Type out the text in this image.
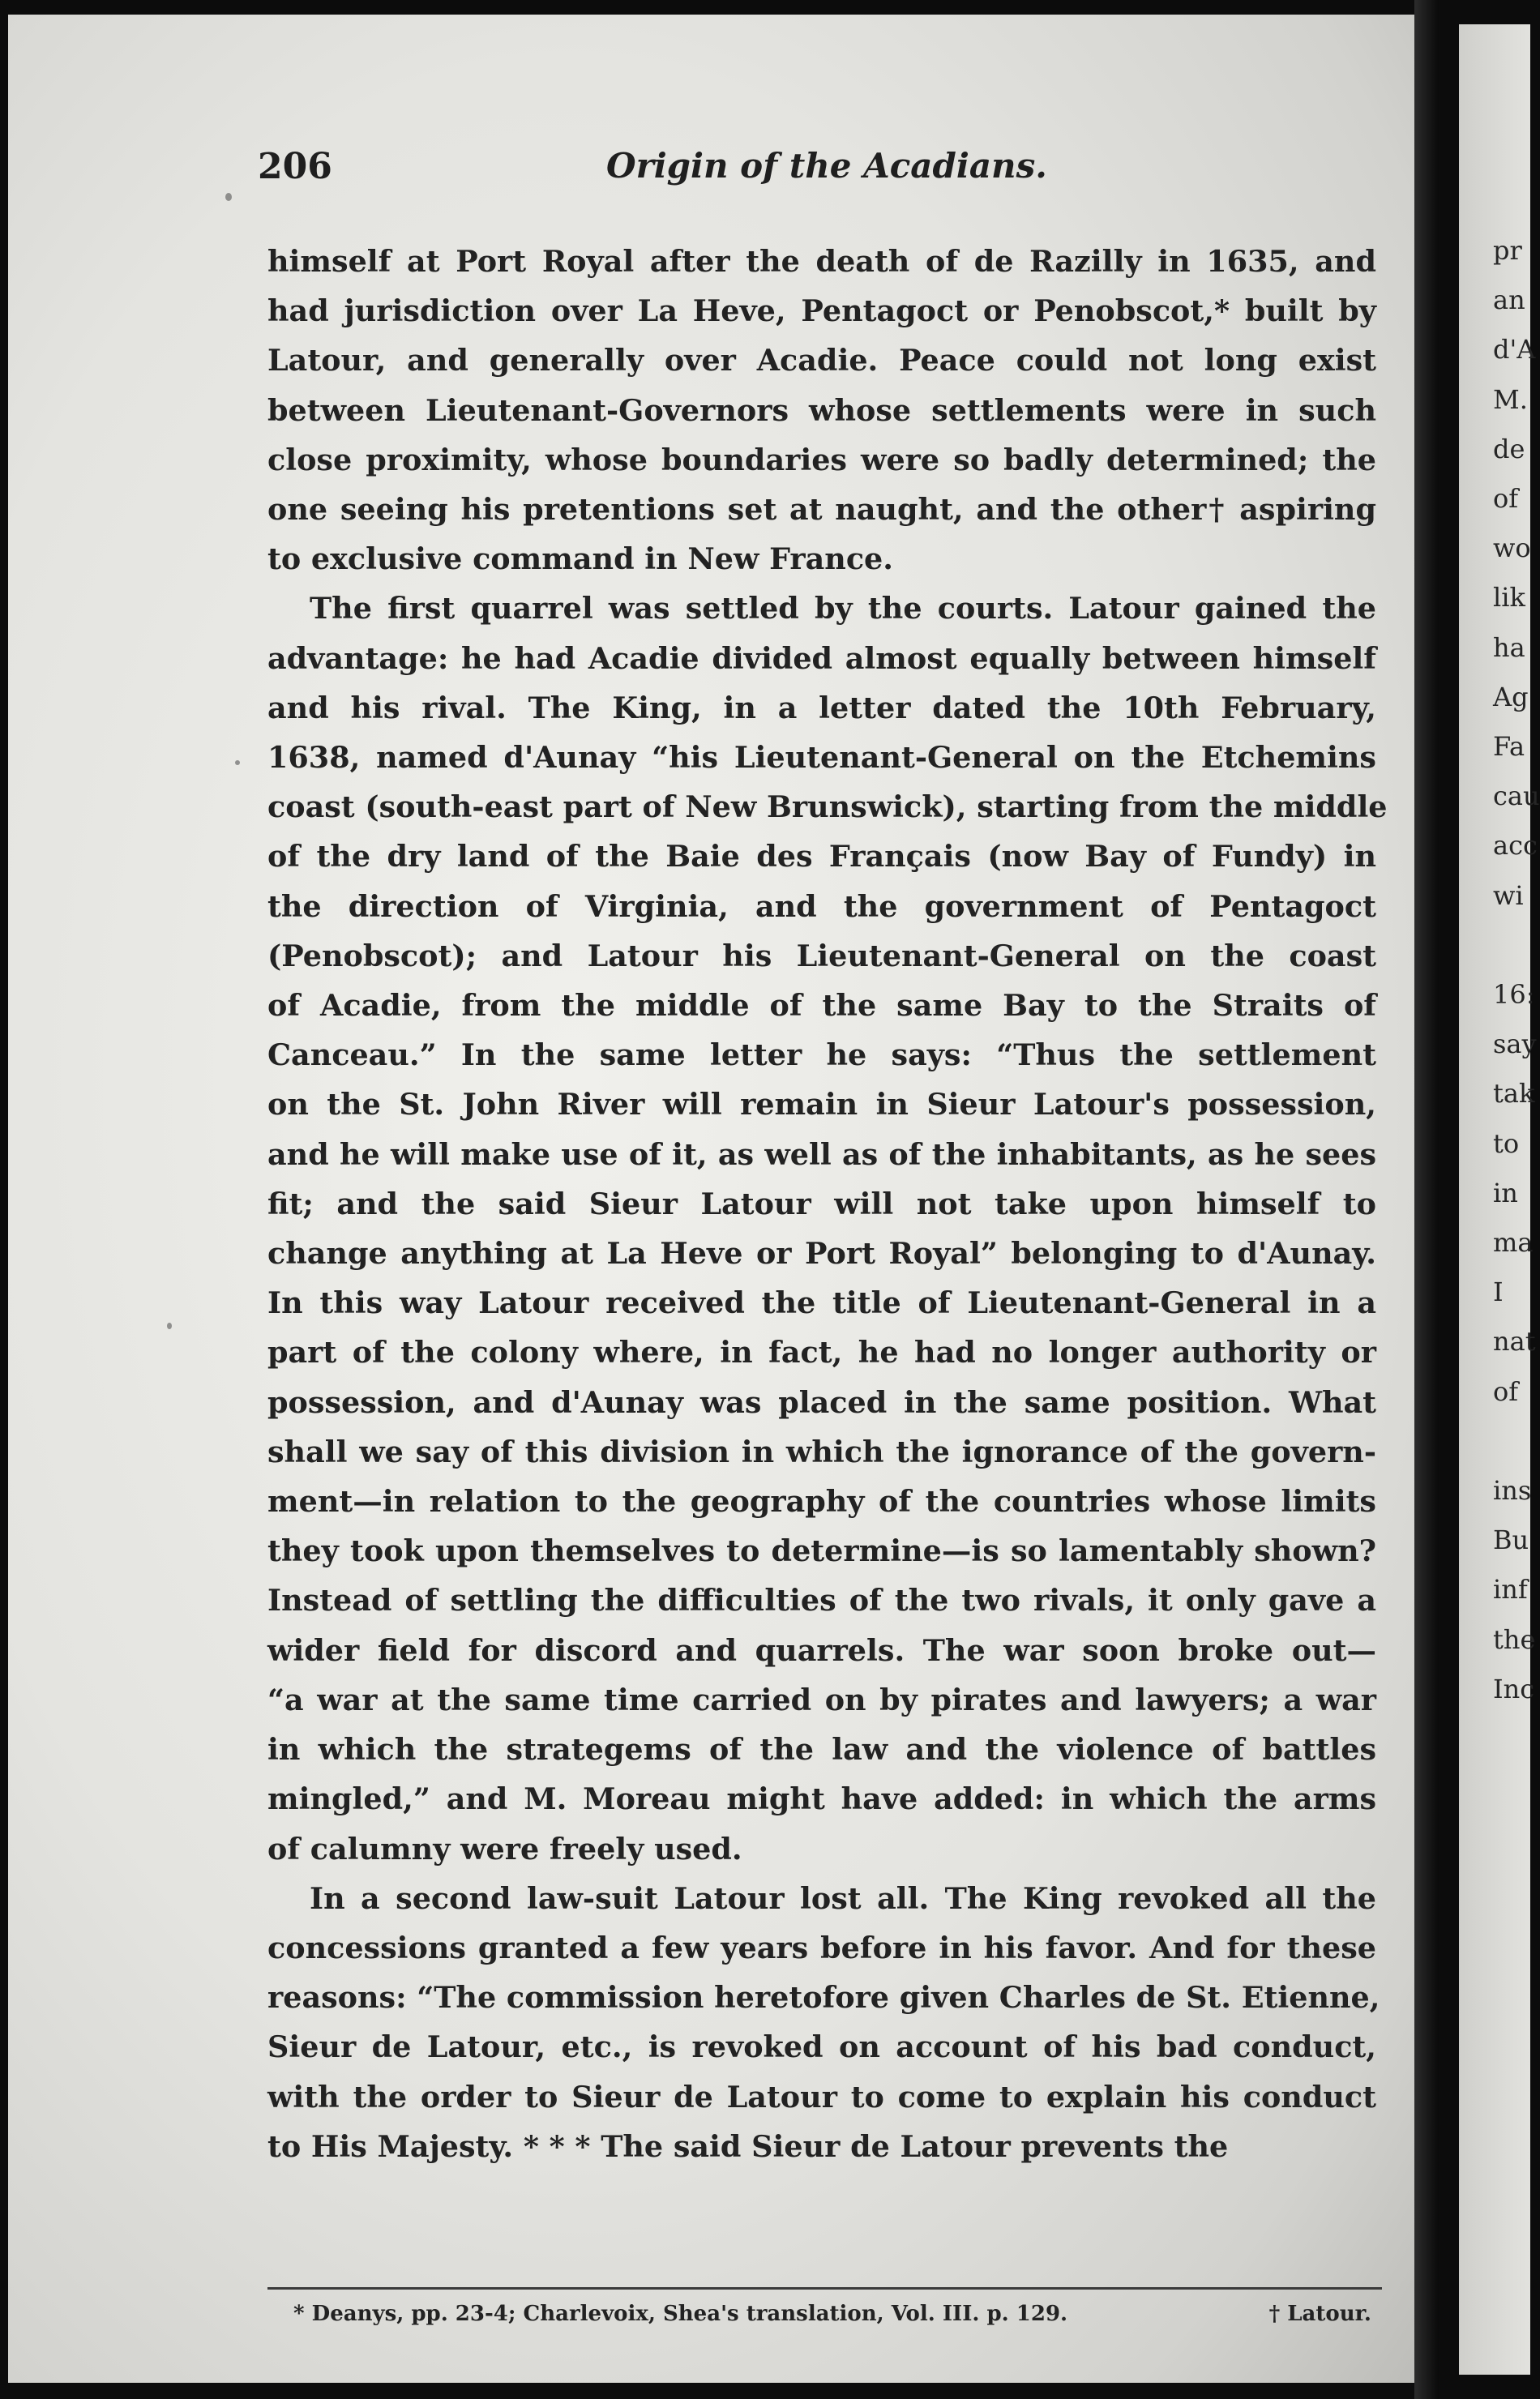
206	Origin of the Acadians.
himself at Port Royal after the death of de Razilly in 1635, and
had jurisdiction over La Heve, Pentagoct or Penobscot,* built by
Latour, and generally over Acadie. Peace could not long exist
between Lieutenant-Governors whose settlements were in such
close proximity, whose boundaries were so badly determined; the
one seeing his pretentions set at naught, and the other† aspiring
to exclusive command in New France.
The first quarrel was settled by the courts. Latour gained the
advantage: he had Acadie divided almost equally between himself
and his rival. The King, in a letter dated the 10th February,
1638, named d'Aunay “his Lieutenant-General on the Etchemins
coast (south-east part of New Brunswick), starting from the middle
of the dry land of the Baie des Français (now Bay of Fundy) in
the direction of Virginia, and the government of Pentagoct
(Penobscot); and Latour his Lieutenant-General on the coast
of Acadie, from the middle of the same Bay to the Straits of
Canceau.” In the same letter he says: “Thus the settlement
on the St. John River will remain in Sieur Latour's possession,
and he will make use of it, as well as of the inhabitants, as he sees
fit; and the said Sieur Latour will not take upon himself to
change anything at La Heve or Port Royal” belonging to d'Aunay.
In this way Latour received the title of Lieutenant-General in a
part of the colony where, in fact, he had no longer authority or
possession, and d'Aunay was placed in the same position. What
shall we say of this division in which the ignorance of the govern-
ment—in relation to the geography of the countries whose limits
they took upon themselves to determine—is so lamentably shown?
Instead of settling the difficulties of the two rivals, it only gave a
wider field for discord and quarrels. The war soon broke out—
“a war at the same time carried on by pirates and lawyers; a war
in which the strategems of the law and the violence of battles
mingled,” and M. Moreau might have added: in which the arms
of calumny were freely used.
In a second law-suit Latour lost all. The King revoked all the
concessions granted a few years before in his favor. And for these
reasons: “The commission heretofore given Charles de St. Etienne,
Sieur de Latour, etc., is revoked on account of his bad conduct,
with the order to Sieur de Latour to come to explain his conduct
to His Majesty. * * * The said Sieur de Latour prevents the
* Deanys, pp. 23-4; Charlevoix, Shea's translation, Vol. III. p. 129.	† Latour.
pr
an
d'A
M.
de
of
wo
lik
ha
Ag
Fa
cau
acc
wi
16:
say
tak
to
in
ma
I
nat
of
ins
Bu
inf
the
Inc
